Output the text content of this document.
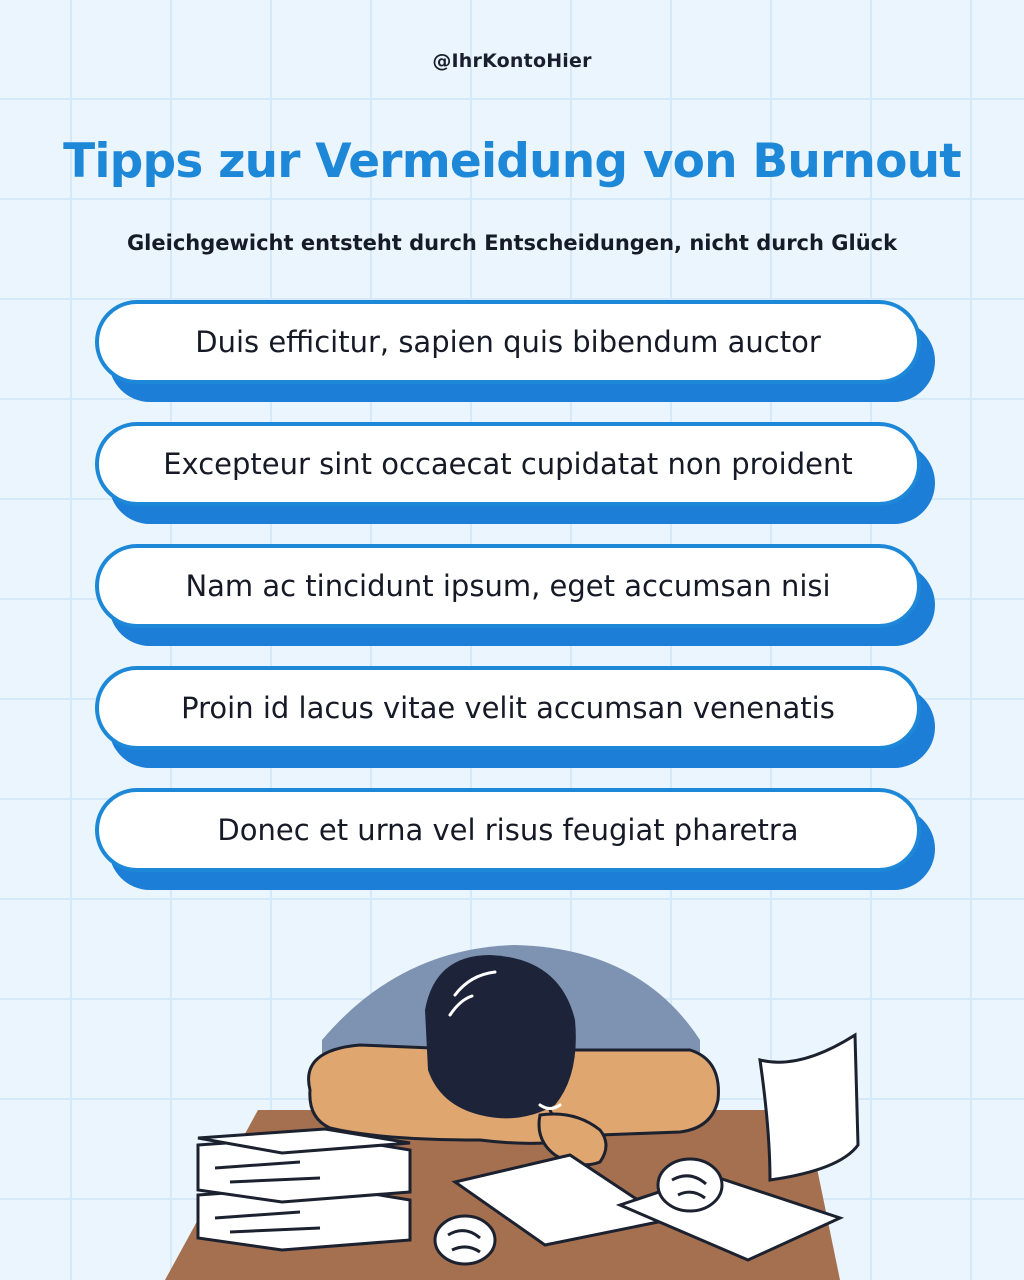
@IhrKontoHier
Tipps zur Vermeidung von Burnout
Gleichgewicht entsteht durch Entscheidungen, nicht durch Glück
Duis efficitur, sapien quis bibendum auctor
Excepteur sint occaecat cupidatat non proident
Nam ac tincidunt ipsum, eget accumsan nisi
Proin id lacus vitae velit accumsan venenatis
Donec et urna vel risus feugiat pharetra
